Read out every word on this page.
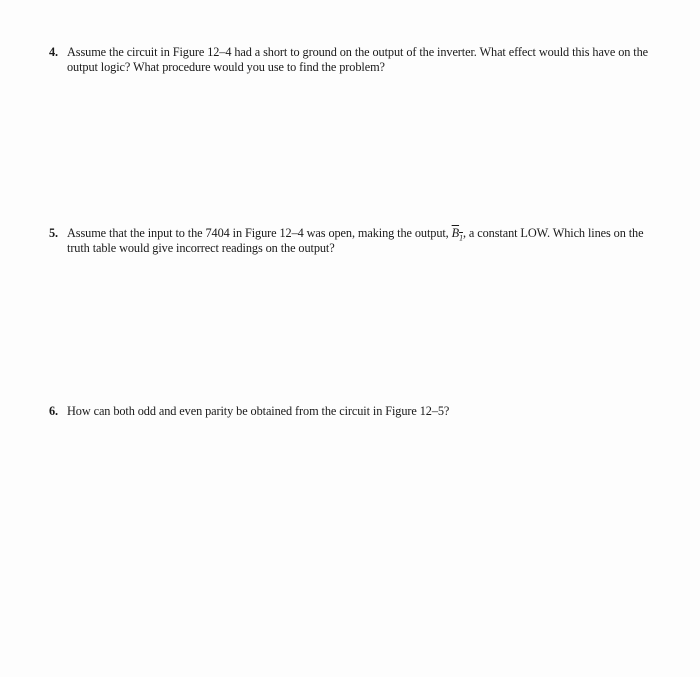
4. Assume the circuit in Figure 12–4 had a short to ground on the output of the inverter. What effect would this have on the output logic? What procedure would you use to find the problem?
5. Assume that the input to the 7404 in Figure 12–4 was open, making the output, $B_1$, a constant LOW. Which lines on the truth table would give incorrect readings on the output?
6. How can both odd and even parity be obtained from the circuit in Figure 12–5?
